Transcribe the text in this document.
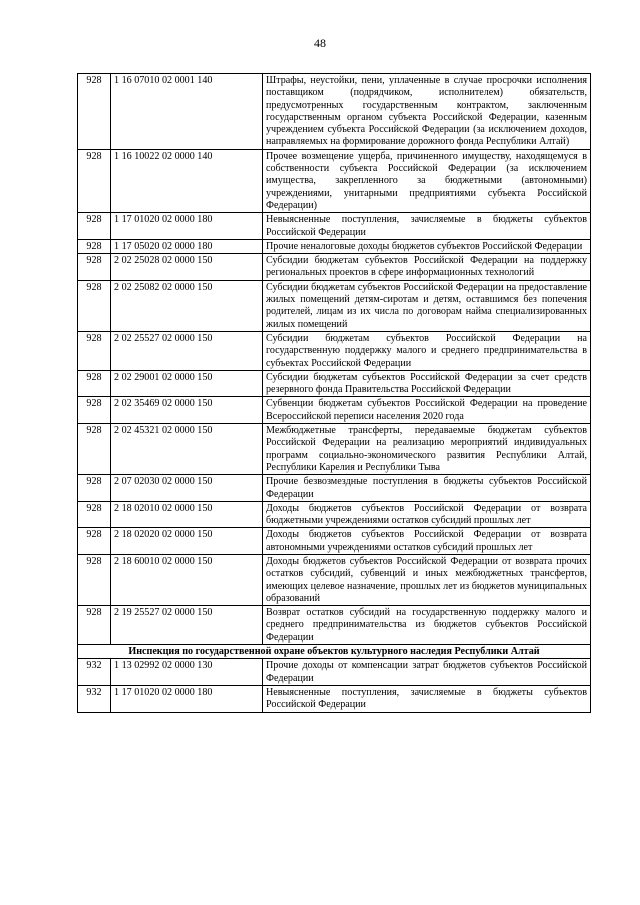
48
928	1 16 07010 02 0001 140	Штрафы, неустойки, пени, уплаченные в случае просрочки исполнения поставщиком (подрядчиком, исполнителем) обязательств, предусмотренных государственным контрактом, заключенным государственным органом субъекта Российской Федерации, казенным учреждением субъекта Российской Федерации (за исключением доходов, направляемых на формирование дорожного фонда Республики Алтай)
928	1 16 10022 02 0000 140	Прочее возмещение ущерба, причиненного имуществу, находящемуся в собственности субъекта Российской Федерации (за исключением имущества, закрепленного за бюджетными (автономными) учреждениями, унитарными предприятиями субъекта Российской Федерации)
928	1 17 01020 02 0000 180	Невыясненные поступления, зачисляемые в бюджеты субъектов Российской Федерации
928	1 17 05020 02 0000 180	Прочие неналоговые доходы бюджетов субъектов Российской Федерации
928	2 02 25028 02 0000 150	Субсидии бюджетам субъектов Российской Федерации на поддержку региональных проектов в сфере информационных технологий
928	2 02 25082 02 0000 150	Субсидии бюджетам субъектов Российской Федерации на предоставление жилых помещений детям-сиротам и детям, оставшимся без попечения родителей, лицам из их числа по договорам найма специализированных жилых помещений
928	2 02 25527 02 0000 150	Субсидии бюджетам субъектов Российской Федерации на государственную поддержку малого и среднего предпринимательства в субъектах Российской Федерации
928	2 02 29001 02 0000 150	Субсидии бюджетам субъектов Российской Федерации за счет средств резервного фонда Правительства Российской Федерации
928	2 02 35469 02 0000 150	Субвенции бюджетам субъектов Российской Федерации на проведение Всероссийской переписи населения 2020 года
928	2 02 45321 02 0000 150	Межбюджетные трансферты, передаваемые бюджетам субъектов Российской Федерации на реализацию мероприятий индивидуальных программ социально-экономического развития Республики Алтай, Республики Карелия и Республики Тыва
928	2 07 02030 02 0000 150	Прочие безвозмездные поступления в бюджеты субъектов Российской Федерации
928	2 18 02010 02 0000 150	Доходы бюджетов субъектов Российской Федерации от возврата бюджетными учреждениями остатков субсидий прошлых лет
928	2 18 02020 02 0000 150	Доходы бюджетов субъектов Российской Федерации от возврата автономными учреждениями остатков субсидий прошлых лет
928	2 18 60010 02 0000 150	Доходы бюджетов субъектов Российской Федерации от возврата прочих остатков субсидий, субвенций и иных межбюджетных трансфертов, имеющих целевое назначение, прошлых лет из бюджетов муниципальных образований
928	2 19 25527 02 0000 150	Возврат остатков субсидий на государственную поддержку малого и среднего предпринимательства из бюджетов субъектов Российской Федерации
Инспекция по государственной охране объектов культурного наследия Республики Алтай		
932	1 13 02992 02 0000 130	Прочие доходы от компенсации затрат бюджетов субъектов Российской Федерации
932	1 17 01020 02 0000 180	Невыясненные поступления, зачисляемые в бюджеты субъектов Российской Федерации
